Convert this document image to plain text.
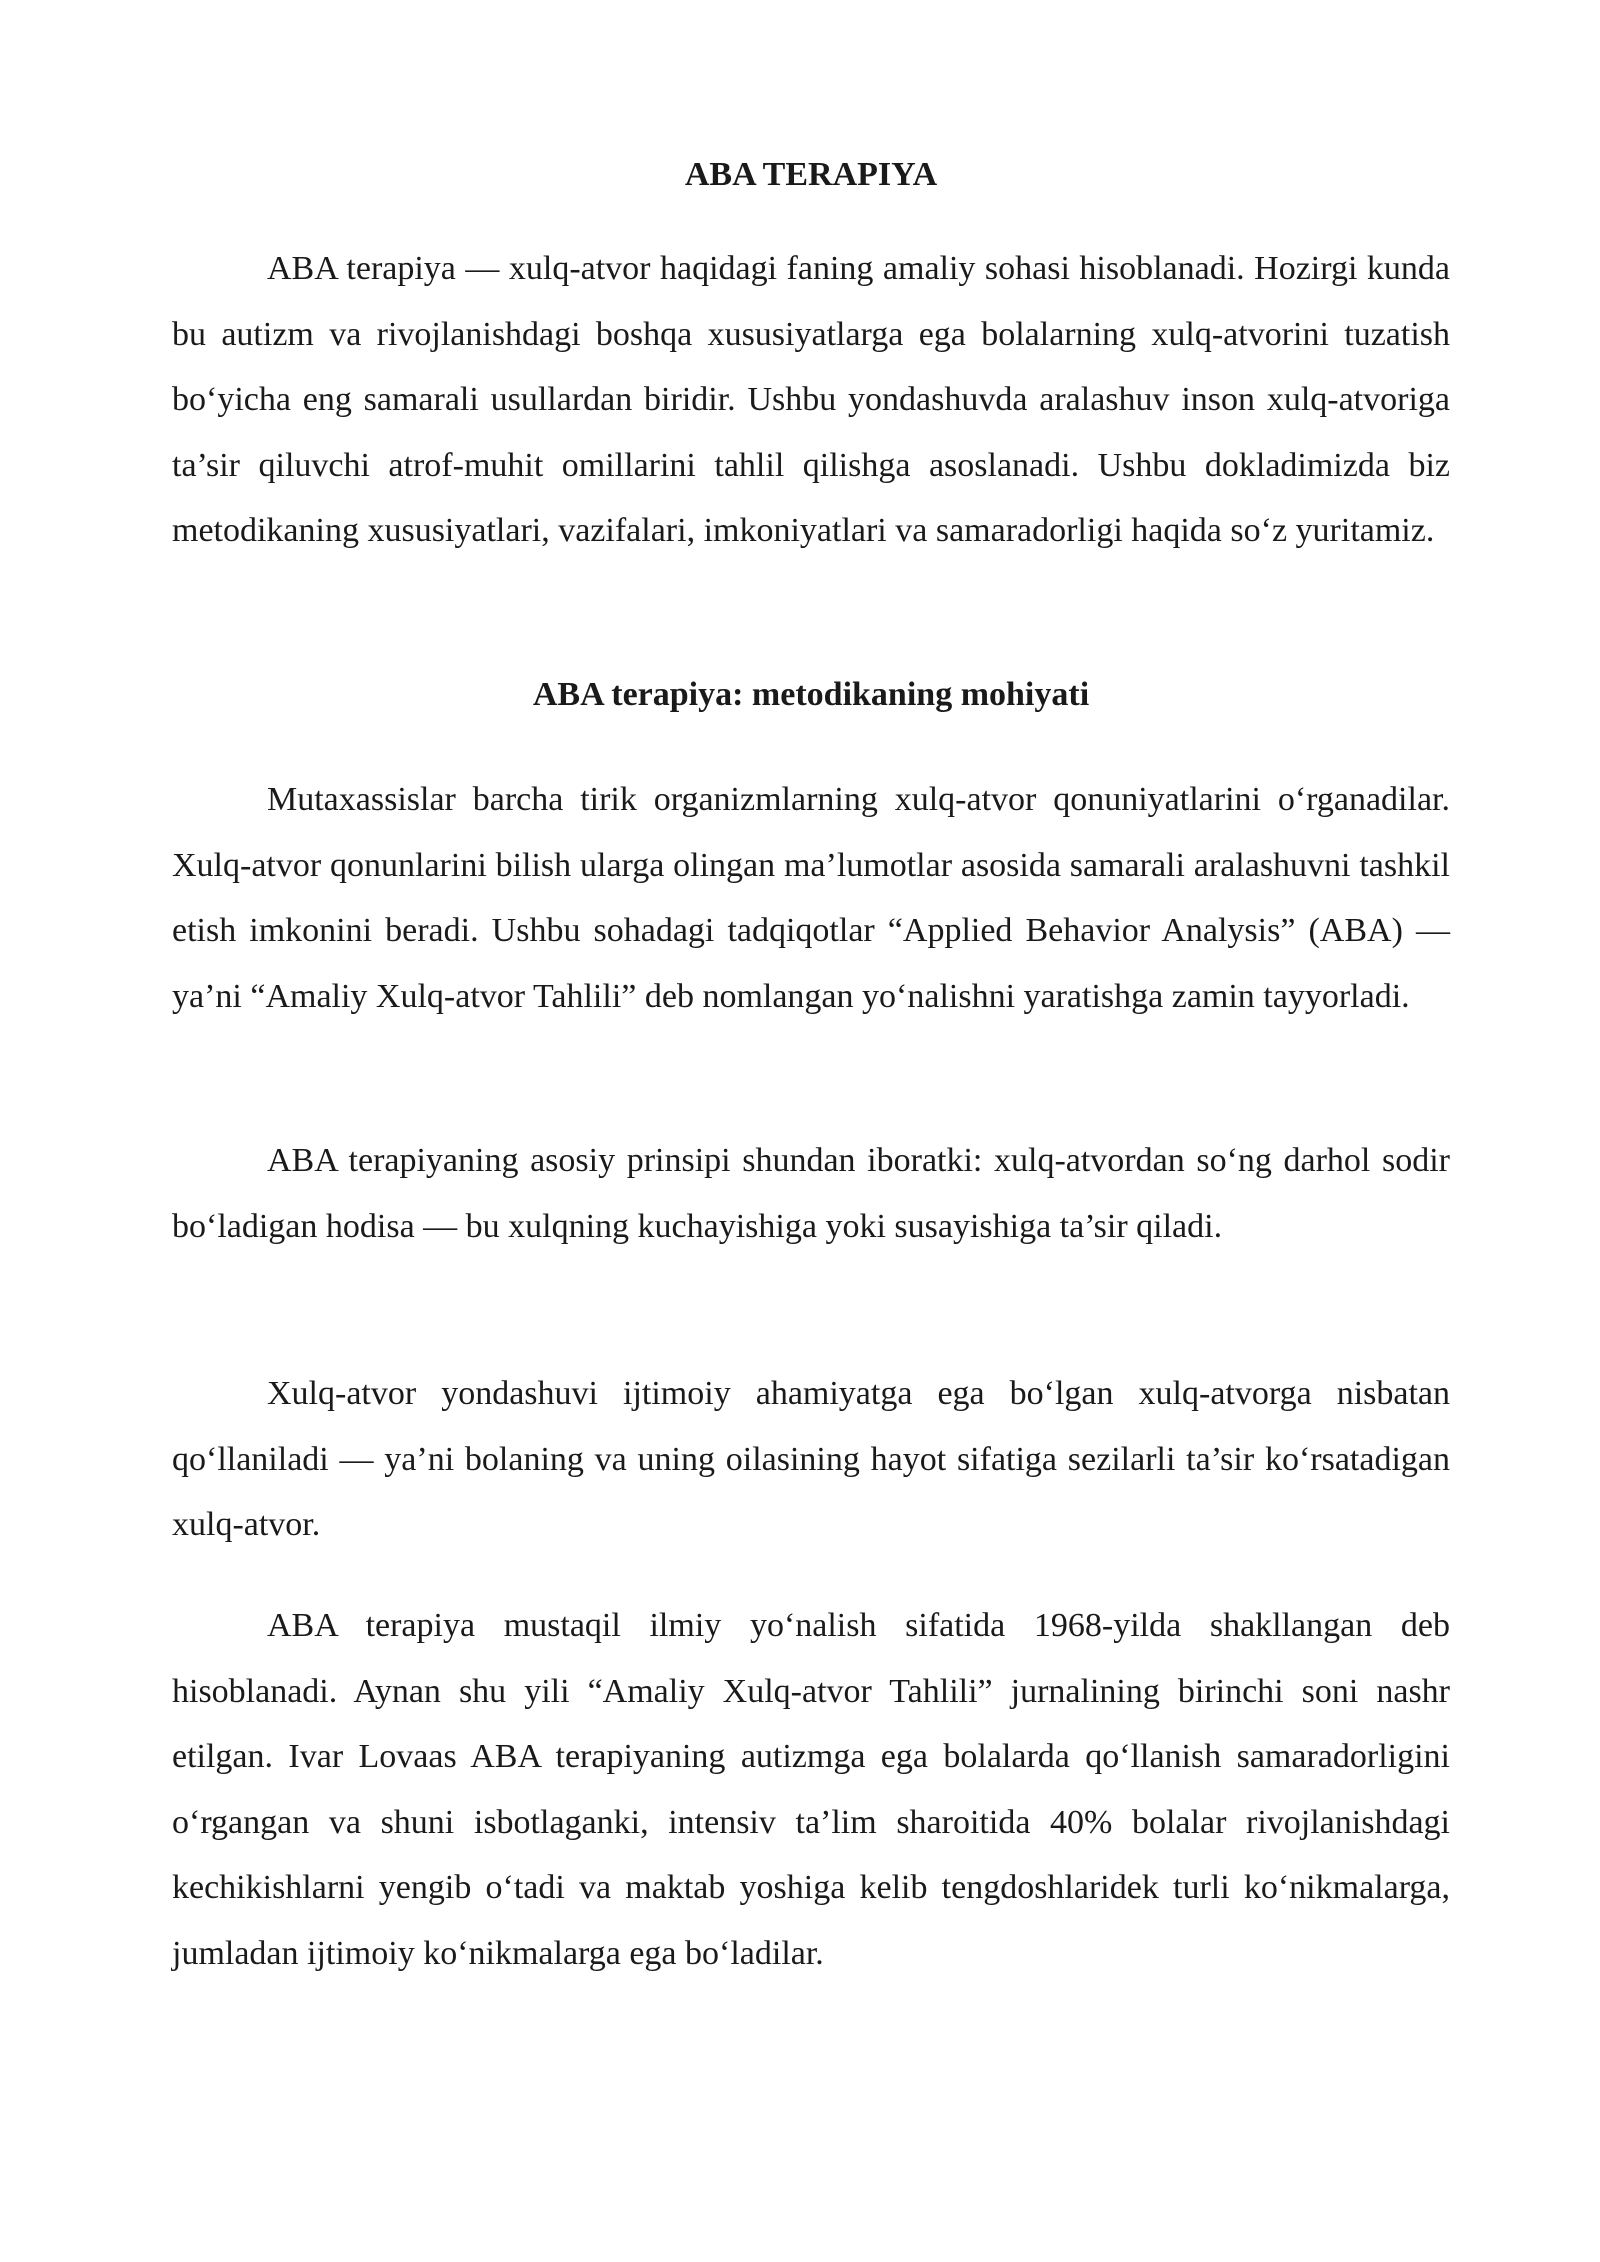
ABA TERAPIYA

ABA terapiya — xulq-atvor haqidagi faning amaliy sohasi hisoblanadi. Hozirgi kunda bu autizm va rivojlanishdagi boshqa xususiyatlarga ega bolalarning xulq-atvorini tuzatish bo‘yicha eng samarali usullardan biridir. Ushbu yondashuvda aralashuv inson xulq-atvoriga ta’sir qiluvchi atrof-muhit omillarini tahlil qilishga asoslanadi. Ushbu dokladimizda biz metodikaning xususiyatlari, vazifalari, imkoniyatlari va samaradorligi haqida so‘z yuritamiz.

ABA terapiya: metodikaning mohiyati

Mutaxassislar barcha tirik organizmlarning xulq-atvor qonuniyatlarini o‘rganadilar. Xulq-atvor qonunlarini bilish ularga olingan ma’lumotlar asosida samarali aralashuvni tashkil etish imkonini beradi. Ushbu sohadagi tadqiqotlar “Applied Behavior Analysis” (ABA) — ya’ni “Amaliy Xulq-atvor Tahlili” deb nomlangan yo‘nalishni yaratishga zamin tayyorladi.

ABA terapiyaning asosiy prinsipi shundan iboratki: xulq-atvordan so‘ng darhol sodir bo‘ladigan hodisa — bu xulqning kuchayishiga yoki susayishiga ta’sir qiladi.

Xulq-atvor yondashuvi ijtimoiy ahamiyatga ega bo‘lgan xulq-atvorga nisbatan qo‘llaniladi — ya’ni bolaning va uning oilasining hayot sifatiga sezilarli ta’sir ko‘rsatadigan xulq-atvor.

ABA terapiya mustaqil ilmiy yo‘nalish sifatida 1968-yilda shakllangan deb hisoblanadi. Aynan shu yili “Amaliy Xulq-atvor Tahlili” jurnalining birinchi soni nashr etilgan. Ivar Lovaas ABA terapiyaning autizmga ega bolalarda qo‘llanish samaradorligini o‘rgangan va shuni isbotlaganki, intensiv ta’lim sharoitida 40% bolalar rivojlanishdagi kechikishlarni yengib o‘tadi va maktab yoshiga kelib tengdoshlaridek turli ko‘nikmalarga, jumladan ijtimoiy ko‘nikmalarga ega bo‘ladilar.
